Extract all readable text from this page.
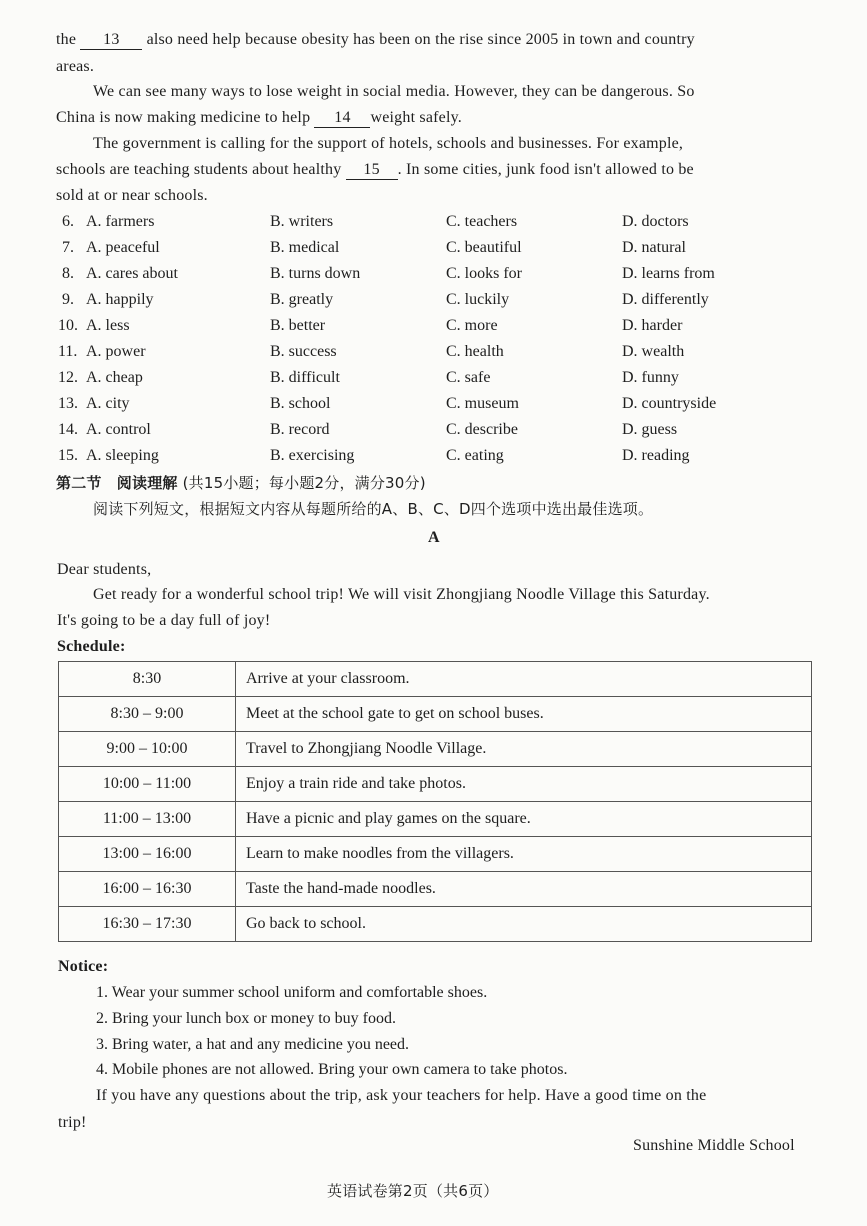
the 13 also need help because obesity has been on the rise since 2005 in town and country
areas.
We can see many ways to lose weight in social media. However, they can be dangerous. So
China is now making medicine to help 14 weight safely.
The government is calling for the support of hotels, schools and businesses. For example,
schools are teaching students about healthy 15 . In some cities, junk food isn't allowed to be
sold at or near schools.
6. A. farmers	B. writers	C. teachers	D. doctors
7. A. peaceful	B. medical	C. beautiful	D. natural
8. A. cares about	B. turns down	C. looks for	D. learns from
9. A. happily	B. greatly	C. luckily	D. differently
10. A. less	B. better	C. more	D. harder
11. A. power	B. success	C. health	D. wealth
12. A. cheap	B. difficult	C. safe	D. funny
13. A. city	B. school	C. museum	D. countryside
14. A. control	B. record	C. describe	D. guess
15. A. sleeping	B. exercising	C. eating	D. reading
第二节　阅读理解 (共15小题；每小题2分，满分30分)
阅读下列短文，根据短文内容从每题所给的A、B、C、D四个选项中选出最佳选项。
A
Dear students,
Get ready for a wonderful school trip! We will visit Zhongjiang Noodle Village this Saturday.
It's going to be a day full of joy!
Schedule:
8:30	Arrive at your classroom.
8:30 – 9:00	Meet at the school gate to get on school buses.
9:00 – 10:00	Travel to Zhongjiang Noodle Village.
10:00 – 11:00	Enjoy a train ride and take photos.
11:00 – 13:00	Have a picnic and play games on the square.
13:00 – 16:00	Learn to make noodles from the villagers.
16:00 – 16:30	Taste the hand-made noodles.
16:30 – 17:30	Go back to school.
Notice:
1. Wear your summer school uniform and comfortable shoes.
2. Bring your lunch box or money to buy food.
3. Bring water, a hat and any medicine you need.
4. Mobile phones are not allowed. Bring your own camera to take photos.
If you have any questions about the trip, ask your teachers for help. Have a good time on the
trip!
Sunshine Middle School
英语试卷第2页（共6页）
